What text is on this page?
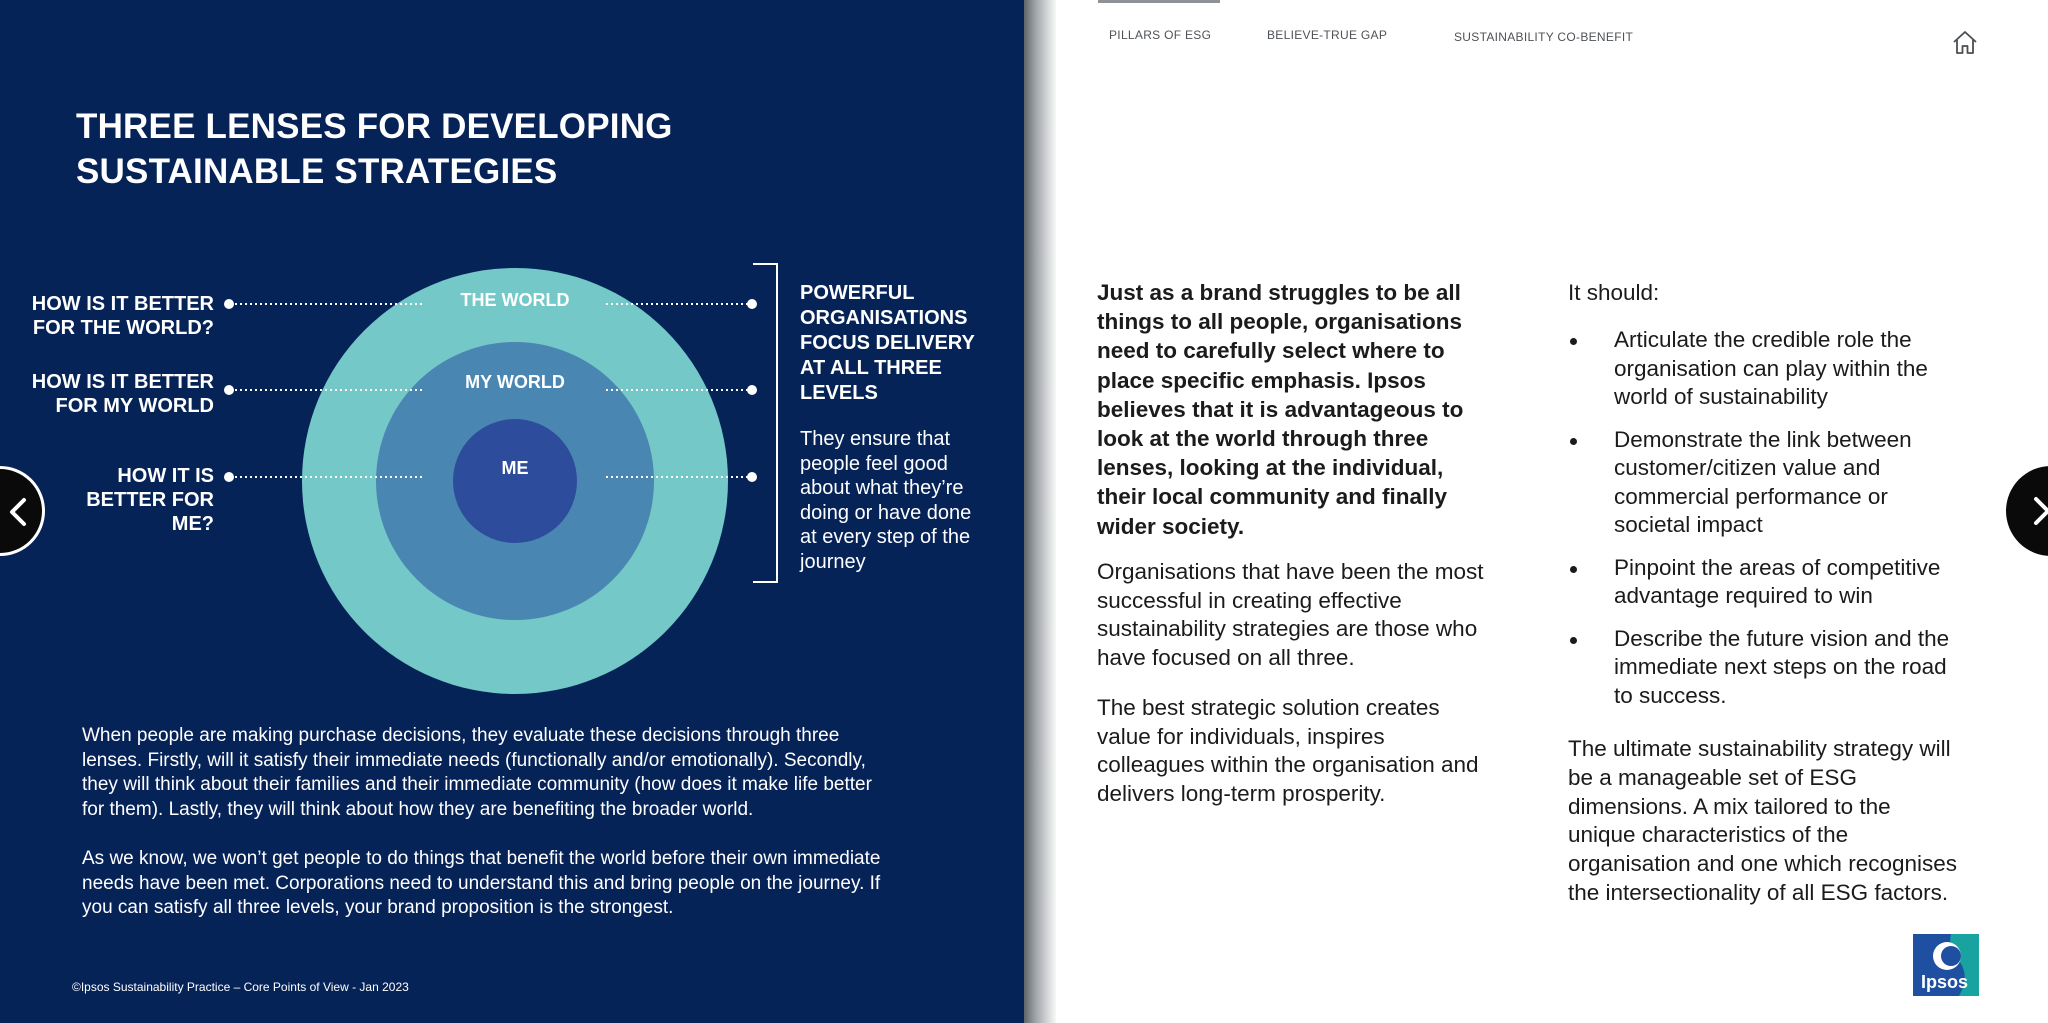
THREE LENSES FOR DEVELOPING
SUSTAINABLE STRATEGIES
THE WORLD
MY WORLD
ME
HOW IS IT BETTER
FOR THE WORLD?
HOW IS IT BETTER
FOR MY WORLD
HOW IT IS
BETTER FOR
ME?
POWERFUL
ORGANISATIONS
FOCUS DELIVERY
AT ALL THREE
LEVELS

They ensure that
people feel good
about what they’re
doing or have done
at every step of the
journey

When people are making purchase decisions, they evaluate these decisions through three
lenses. Firstly, will it satisfy their immediate needs (functionally and/or emotionally). Secondly,
they will think about their families and their immediate community (how does it make life better
for them). Lastly, they will think about how they are benefiting the broader world.

As we know, we won’t get people to do things that benefit the world before their own immediate
needs have been met. Corporations need to understand this and bring people on the journey. If
you can satisfy all three levels, your brand proposition is the strongest.

©Ipsos Sustainability Practice – Core Points of View - Jan 2023
PILLARS OF ESG	BELIEVE-TRUE GAP	SUSTAINABILITY CO-BENEFIT

Just as a brand struggles to be all
things to all people, organisations
need to carefully select where to
place specific emphasis. Ipsos
believes that it is advantageous to
look at the world through three
lenses, looking at the individual,
their local community and finally
wider society.

Organisations that have been the most
successful in creating effective
sustainability strategies are those who
have focused on all three.

The best strategic solution creates
value for individuals, inspires
colleagues within the organisation and
delivers long-term prosperity.

It should:

Articulate the credible role the
organisation can play within the
world of sustainability
Demonstrate the link between
customer/citizen value and
commercial performance or
societal impact
Pinpoint the areas of competitive
advantage required to win
Describe the future vision and the
immediate next steps on the road
to success.

The ultimate sustainability strategy will
be a manageable set of ESG
dimensions. A mix tailored to the
unique characteristics of the
organisation and one which recognises
the intersectionality of all ESG factors.

Ipsos
